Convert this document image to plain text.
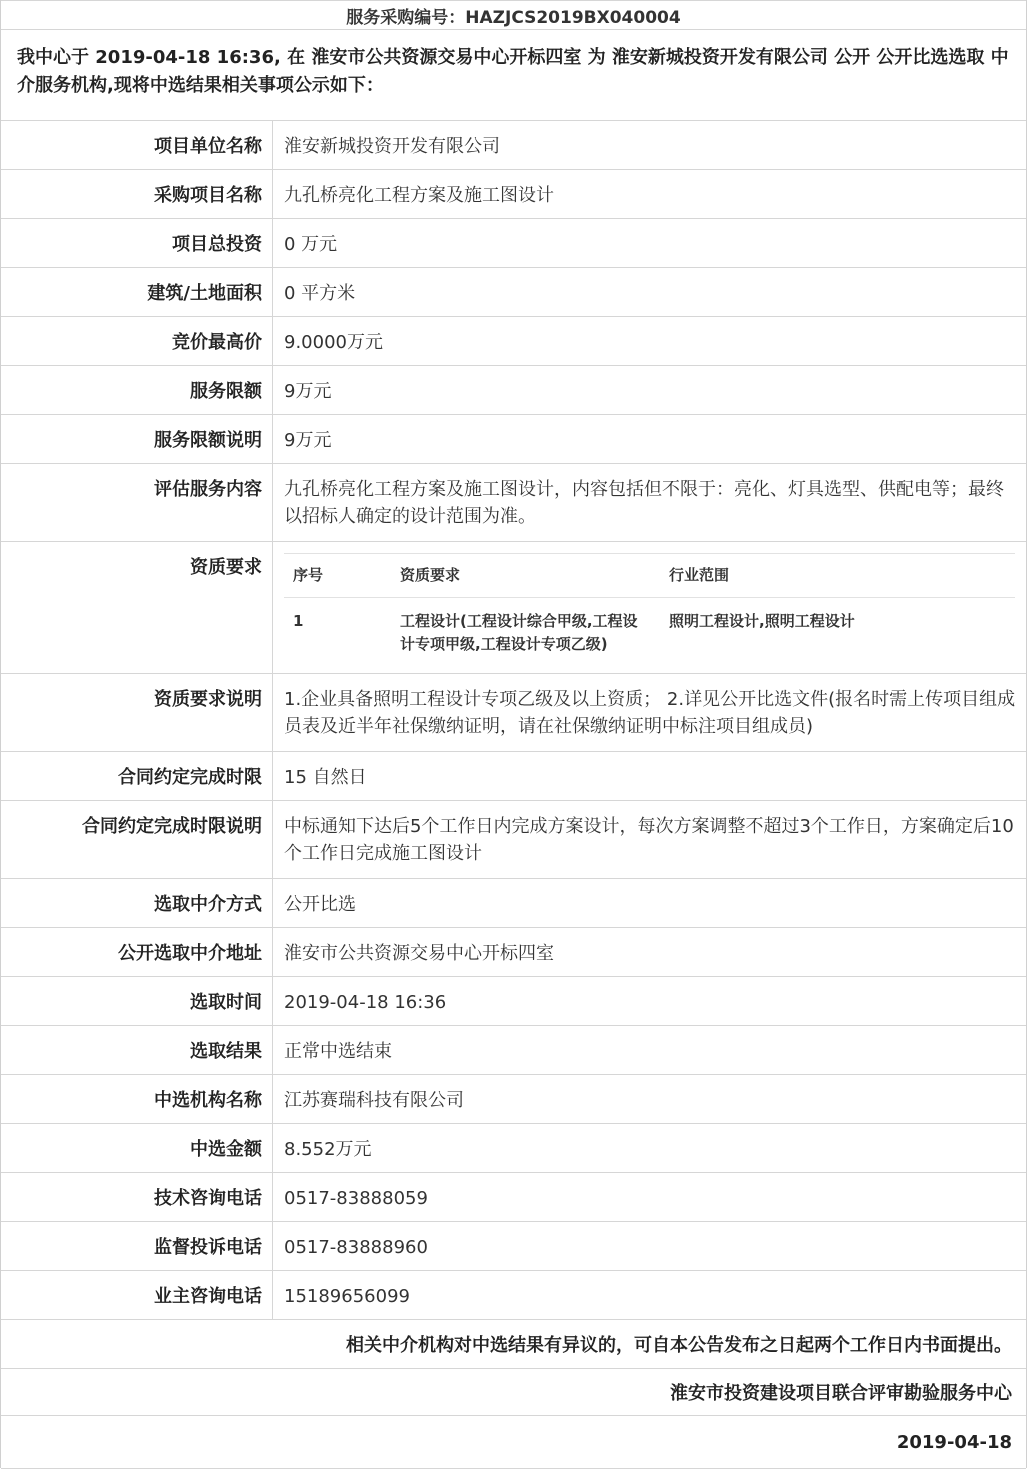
服务采购编号：HAZJCS2019BX040004
我中心于 2019-04-18 16:36, 在 淮安市公共资源交易中心开标四室 为 淮安新城投资开发有限公司 公开 公开比选选取 中介服务机构,现将中选结果相关事项公示如下：
项目单位名称	淮安新城投资开发有限公司
采购项目名称	九孔桥亮化工程方案及施工图设计
项目总投资	0 万元
建筑/土地面积	0 平方米
竞价最高价	9.0000万元
服务限额	9万元
服务限额说明	9万元
评估服务内容	九孔桥亮化工程方案及施工图设计，内容包括但不限于：亮化、灯具选型、供配电等；最终以招标人确定的设计范围为准。
资质要求	序号	资质要求	行业范围
1	工程设计(工程设计综合甲级,工程设计专项甲级,工程设计专项乙级)	照明工程设计,照明工程设计
资质要求说明	1.企业具备照明工程设计专项乙级及以上资质； 2.详见公开比选文件(报名时需上传项目组成员表及近半年社保缴纳证明，请在社保缴纳证明中标注项目组成员)
合同约定完成时限	15 自然日
合同约定完成时限说明	中标通知下达后5个工作日内完成方案设计，每次方案调整不超过3个工作日，方案确定后10个工作日完成施工图设计
选取中介方式	公开比选
公开选取中介地址	淮安市公共资源交易中心开标四室
选取时间	2019-04-18 16:36
选取结果	正常中选结束
中选机构名称	江苏赛瑞科技有限公司
中选金额	8.552万元
技术咨询电话	0517-83888059
监督投诉电话	0517-83888960
业主咨询电话	15189656099
相关中介机构对中选结果有异议的，可自本公告发布之日起两个工作日内书面提出。
淮安市投资建设项目联合评审勘验服务中心
2019-04-18
